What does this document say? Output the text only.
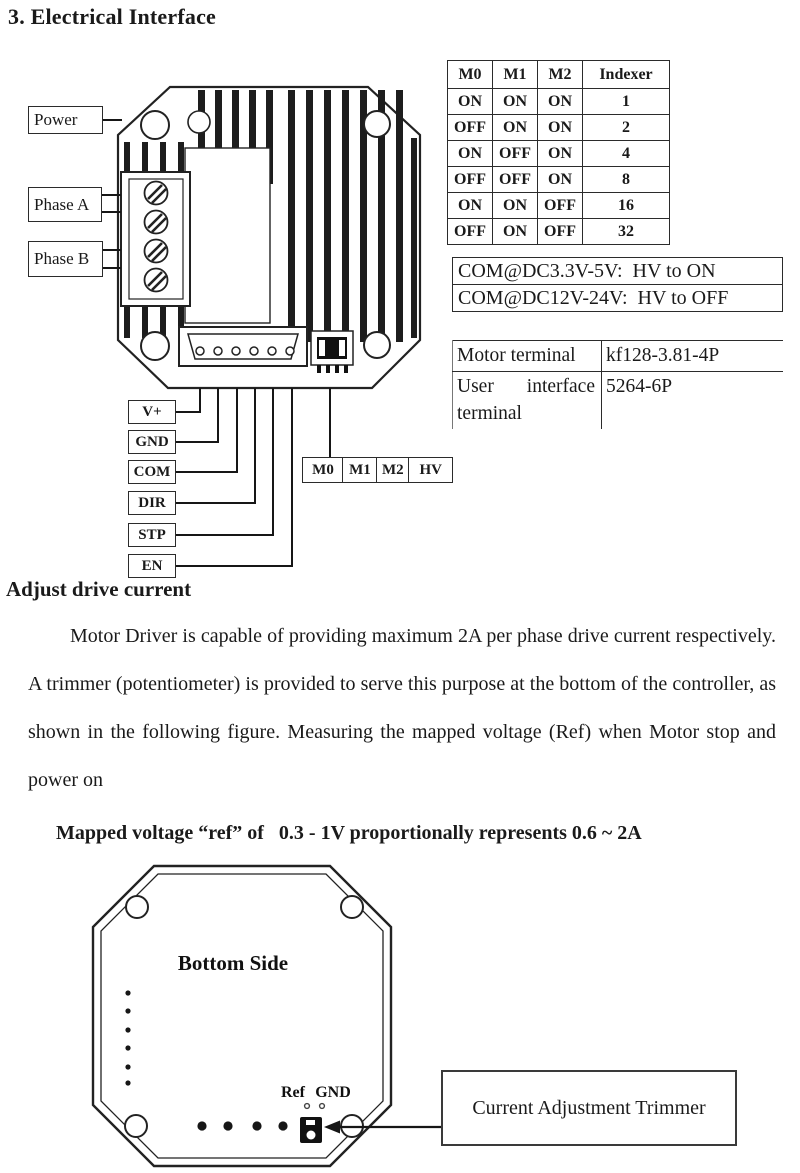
3. Electrical Interface
Power
Phase A
Phase B
V+
GND
COM
DIR
STP
EN
M0	M1 M2	HV
M0	M1	M2	Indexer
ON	ON	ON	1
OFF	ON	ON	2
ON	OFF	ON	4
OFF	OFF	ON	8
ON	ON	OFF	16
OFF	ON	OFF	32
COM@DC3.3V-5V:  HV to ON
COM@DC12V-24V:  HV to OFF
Motor terminal	kf128-3.81-4P
User interface terminal	5264-6P
Adjust drive current
Motor Driver is capable of providing maximum 2A per phase drive current respectively. A trimmer (potentiometer) is provided to serve this purpose at the bottom of the controller, as shown in the following figure. Measuring the mapped voltage (Ref) when Motor stop and power on
Mapped voltage “ref” of   0.3 - 1V proportionally represents 0.6 ~ 2A
Bottom Side
Ref GND
Current Adjustment Trimmer
